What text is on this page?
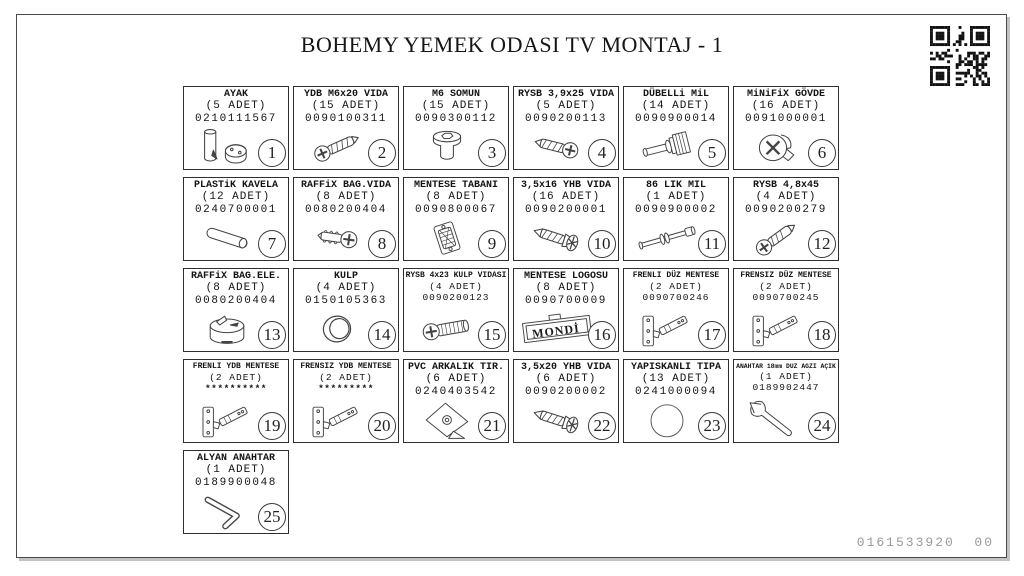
BOHEMY YEMEK ODASI TV MONTAJ - 1
AYAK
(5 ADET)
0210111567
1
YDB M6x20 VIDA
(15 ADET)
0090100311
2
M6 SOMUN
(15 ADET)
0090300112
3
RYSB 3,9x25 VIDA
(5 ADET)
0090200113
4
DÜBELLi MiL
(14 ADET)
0090900014
5
MiNiFiX GÖVDE
(16 ADET)
0091000001
6
PLASTiK KAVELA
(12 ADET)
0240700001
7
RAFFiX BAG.VIDA
(8 ADET)
0080200404
8
MENTESE TABANI
(8 ADET)
0090800067
9
3,5x16 YHB VIDA
(16 ADET)
0090200001
10
86 LIK MIL
(1 ADET)
0090900002
11
RYSB 4,8x45
(4 ADET)
0090200279
12
RAFFiX BAG.ELE.
(8 ADET)
0080200404
13
KULP
(4 ADET)
0150105363
14
RYSB 4x23 KULP VIDASI
(4 ADET)
0090200123
15
MENTESE LOGOSU
(8 ADET)
0090700009
16
MONDİ
FRENLI DÜZ MENTESE
(2 ADET)
0090700246
17
FRENSIZ DÜZ MENTESE
(2 ADET)
0090700245
18
FRENLI YDB MENTESE
(2 ADET)
**********
19
FRENSIZ YDB MENTESE
(2 ADET)
*********
20
PVC ARKALIK TIR.
(6 ADET)
0240403542
21
3,5x20 YHB VIDA
(6 ADET)
0090200002
22
YAPISKANLI TIPA
(13 ADET)
0241000094
23
ANAHTAR 18mm DUZ AGZI AÇIK
(1 ADET)
0189902447
24
ALYAN ANAHTAR
(1 ADET)
0189900048
25
0161533920  00
